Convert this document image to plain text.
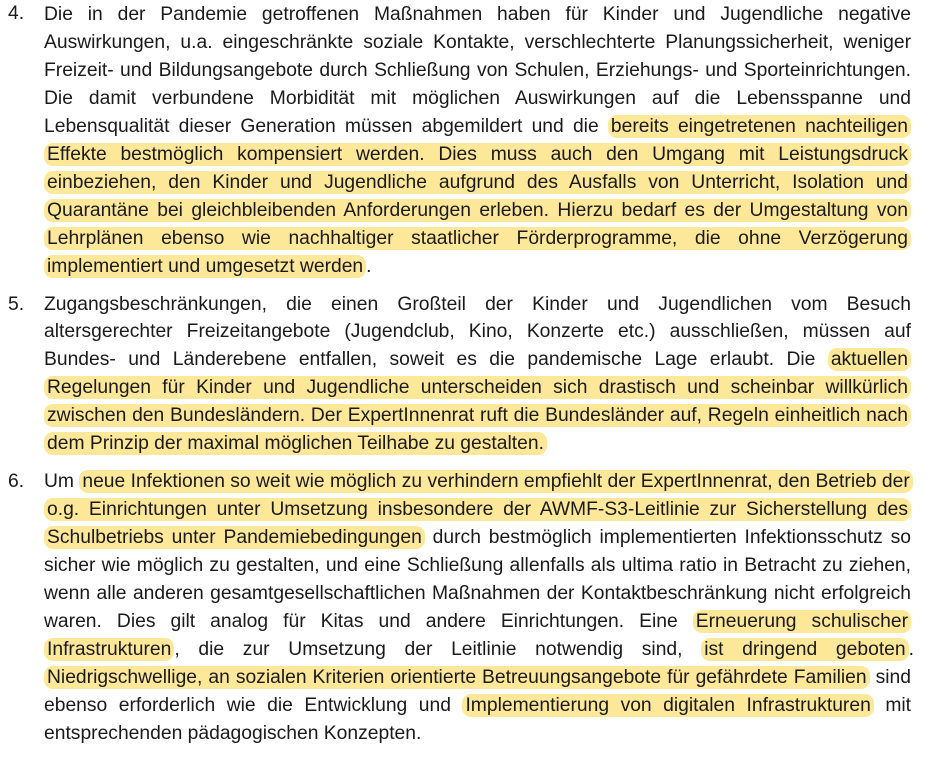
4. Die in der Pandemie getroffenen Maßnahmen haben für Kinder und Jugendliche negative Auswirkungen, u.a. eingeschränkte soziale Kontakte, verschlechterte Planungssicherheit, weniger Freizeit- und Bildungsangebote durch Schließung von Schulen, Erziehungs- und Sporteinrichtungen. Die damit verbundene Morbidität mit möglichen Auswirkungen auf die Lebensspanne und Lebensqualität dieser Generation müssen abgemildert und die bereits eingetretenen nachteiligen Effekte bestmöglich kompensiert werden. Dies muss auch den Umgang mit Leistungsdruck einbeziehen, den Kinder und Jugendliche aufgrund des Ausfalls von Unterricht, Isolation und Quarantäne bei gleichbleibenden Anforderungen erleben. Hierzu bedarf es der Umgestaltung von Lehrplänen ebenso wie nachhaltiger staatlicher Förderprogramme, die ohne Verzögerung implementiert und umgesetzt werden .
5. Zugangsbeschränkungen, die einen Großteil der Kinder und Jugendlichen vom Besuch altersgerechter Freizeitangebote (Jugendclub, Kino, Konzerte etc.) ausschließen, müssen auf Bundes- und Länderebene entfallen, soweit es die pandemische Lage erlaubt. Die aktuellen Regelungen für Kinder und Jugendliche unterscheiden sich drastisch und scheinbar willkürlich zwischen den Bundesländern. Der ExpertInnenrat ruft die Bundesländer auf, Regeln einheitlich nach dem Prinzip der maximal möglichen Teilhabe zu gestalten.
6. Um neue Infektionen so weit wie möglich zu verhindern empfiehlt der ExpertInnenrat, den Betrieb der o.g. Einrichtungen unter Umsetzung insbesondere der AWMF-S3-Leitlinie zur Sicherstellung des Schulbetriebs unter Pandemiebedingungen durch bestmöglich implementierten Infektionsschutz so sicher wie möglich zu gestalten, und eine Schließung allenfalls als ultima ratio in Betracht zu ziehen, wenn alle anderen gesamtgesellschaftlichen Maßnahmen der Kontaktbeschränkung nicht erfolgreich waren. Dies gilt analog für Kitas und andere Einrichtungen. Eine Erneuerung schulischer Infrastrukturen , die zur Umsetzung der Leitlinie notwendig sind, ist dringend geboten . Niedrigschwellige, an sozialen Kriterien orientierte Betreuungsangebote für gefährdete Familien sind ebenso erforderlich wie die Entwicklung und Implementierung von digitalen Infrastrukturen mit entsprechenden pädagogischen Konzepten.
